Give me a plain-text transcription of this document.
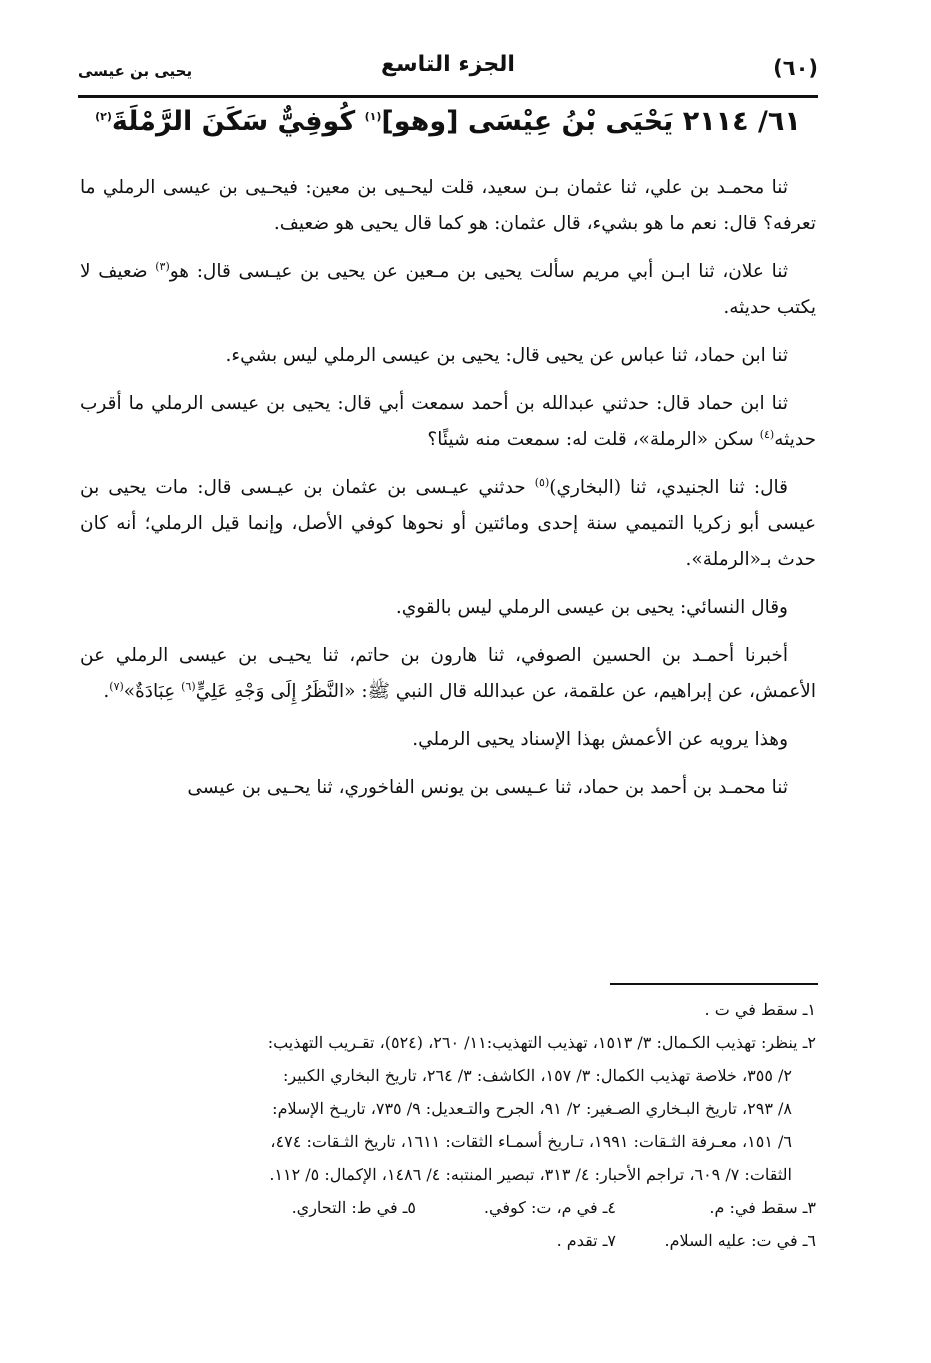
(٦٠)
الجزء التاسع
يحيى بن عيسى
٦١/ ٢١١٤ يَحْيَى بْنُ عِيْسَى [وهو]$^{(١)}$ كُوفِيٌّ سَكَنَ الرَّمْلَةَ$^{(٢)}$

ثنا محمـد بن علي، ثنا عثمان بـن سعيد، قلت ليحـيى بن معين: فيحـيى بن عيسى الرملي ما تعرفه؟ قال: نعم ما هو بشيء، قال عثمان: هو كما قال يحيى هو ضعيف.

ثنا علان، ثنا ابـن أبي مريم سألت يحيى بن مـعين عن يحيى بن عيـسى قال: هو$^{(٣)}$ ضعيف لا يكتب حديثه.

ثنا ابن حماد، ثنا عباس عن يحيى قال: يحيى بن عيسى الرملي ليس بشيء.

ثنا ابن حماد قال: حدثني عبدالله بن أحمد سمعت أبي قال: يحيى بن عيسى الرملي ما أقرب حديثه$^{(٤)}$ سكن «الرملة»، قلت له: سمعت منه شيئًا؟

قال: ثنا الجنيدي، ثنا (البخاري)$^{(٥)}$ حدثني عيـسى بن عثمان بن عيـسى قال: مات يحيى بن عيسى أبو زكريا التميمي سنة إحدى ومائتين أو نحوها كوفي الأصل، وإنما قيل الرملي؛ أنه كان حدث بـ«الرملة».

وقال النسائي: يحيى بن عيسى الرملي ليس بالقوي.

أخبرنا أحمـد بن الحسين الصوفي، ثنا هارون بن حاتم، ثنا يحيـى بن عيسى الرملي عن الأعمش، عن إبراهيم، عن علقمة، عن عبدالله قال النبي ﷺ: «النَّظَرُ إِلَى وَجْهِ عَلِيٍّ$^{(٦)}$ عِبَادَةٌ»$^{(٧)}$.

وهذا يرويه عن الأعمش بهذا الإسناد يحيى الرملي.

ثنا محمـد بن أحمد بن حماد، ثنا عـيسى بن يونس الفاخوري، ثنا يحـيى بن عيسى

١ـ سقط في ت .
٢ـ ينظر: تهذيب الكـمال: ٣/ ١٥١٣، تهذيب التهذيب:١١/ ٢٦٠، (٥٢٤)، تقـريب التهذيب:
٢/ ٣٥٥، خلاصة تهذيب الكمال: ٣/ ١٥٧، الكاشف: ٣/ ٢٦٤، تاريخ البخاري الكبير:
٨/ ٢٩٣، تاريخ البـخاري الصـغير: ٢/ ٩١، الجرح والتـعديل: ٩/ ٧٣٥، تاريـخ الإسلام:
٦/ ١٥١، معـرفة الثـقات: ١٩٩١، تـاريخ أسمـاء الثقات: ١٦١١، تاريخ الثـقات: ٤٧٤،
الثقات: ٧/ ٦٠٩، تراجم الأحبار: ٤/ ٣١٣، تبصير المنتبه: ٤/ ١٤٨٦، الإكمال: ٥/ ١١٢.
٣ـ سقط في: م.٤ـ في م، ت: كوفي.٥ـ في ط: التحاري.
٦ـ في ت: عليه السلام.٧ـ تقدم .
